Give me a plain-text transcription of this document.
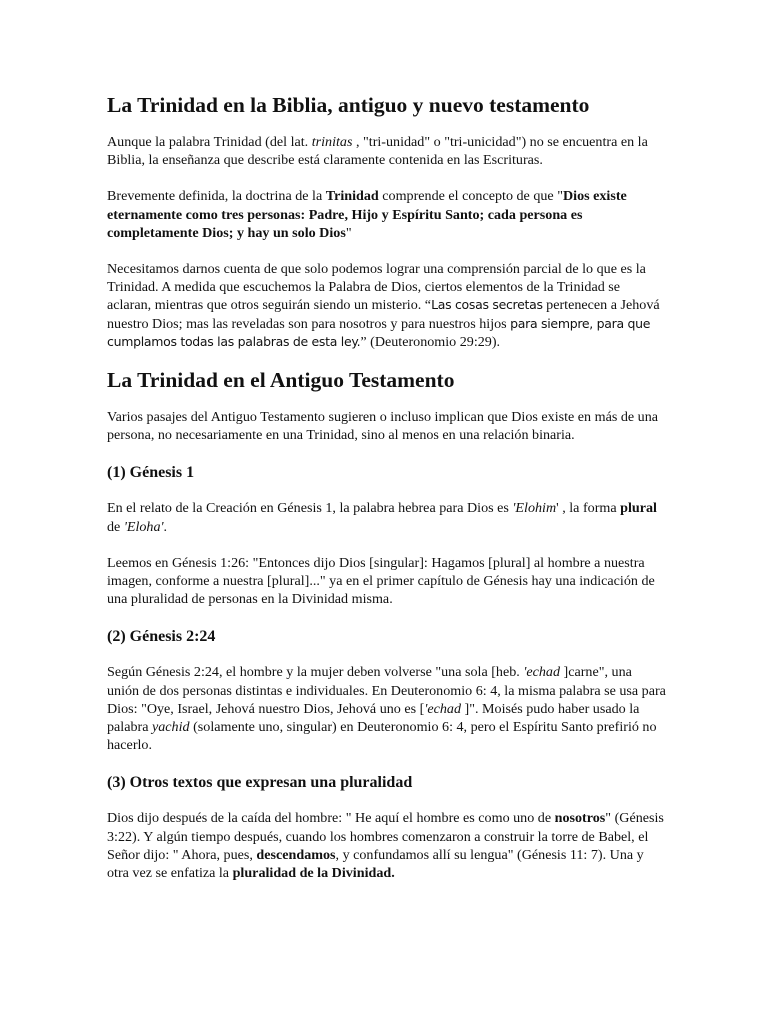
La Trinidad en la Biblia, antiguo y nuevo testamento

Aunque la palabra Trinidad (del lat. trinitas , "tri-unidad" o "tri-unicidad") no se encuentra en la Biblia, la enseñanza que describe está claramente contenida en las Escrituras.

Brevemente definida, la doctrina de la Trinidad comprende el concepto de que "Dios existe eternamente como tres personas: Padre, Hijo y Espíritu Santo; cada persona es completamente Dios; y hay un solo Dios"

Necesitamos darnos cuenta de que solo podemos lograr una comprensión parcial de lo que es la Trinidad. A medida que escuchemos la Palabra de Dios, ciertos elementos de la Trinidad se aclaran, mientras que otros seguirán siendo un misterio. “Las cosas secretas pertenecen a Jehová nuestro Dios; mas las reveladas son para nosotros y para nuestros hijos para siempre, para que cumplamos todas las palabras de esta ley.” (Deuteronomio 29:29).

La Trinidad en el Antiguo Testamento

Varios pasajes del Antiguo Testamento sugieren o incluso implican que Dios existe en más de una persona, no necesariamente en una Trinidad, sino al menos en una relación binaria.

(1) Génesis 1

En el relato de la Creación en Génesis 1, la palabra hebrea para Dios es 'Elohim' , la forma plural de 'Eloha'.

Leemos en Génesis 1:26: "Entonces dijo Dios [singular]: Hagamos [plural] al hombre a nuestra imagen, conforme a nuestra [plural]..." ya en el primer capítulo de Génesis hay una indicación de una pluralidad de personas en la Divinidad misma.

(2) Génesis 2:24

Según Génesis 2:24, el hombre y la mujer deben volverse "una sola [heb. 'echad ]carne", una unión de dos personas distintas e individuales. En Deuteronomio 6: 4, la misma palabra se usa para Dios: "Oye, Israel, Jehová nuestro Dios, Jehová uno es ['echad ]". Moisés pudo haber usado la palabra yachid (solamente uno, singular) en Deuteronomio 6: 4, pero el Espíritu Santo prefirió no hacerlo.

(3) Otros textos que expresan una pluralidad

Dios dijo después de la caída del hombre: " He aquí el hombre es como uno de nosotros" (Génesis 3:22). Y algún tiempo después, cuando los hombres comenzaron a construir la torre de Babel, el Señor dijo: " Ahora, pues, descendamos, y confundamos allí su lengua" (Génesis 11: 7). Una y otra vez se enfatiza la pluralidad de la Divinidad.
